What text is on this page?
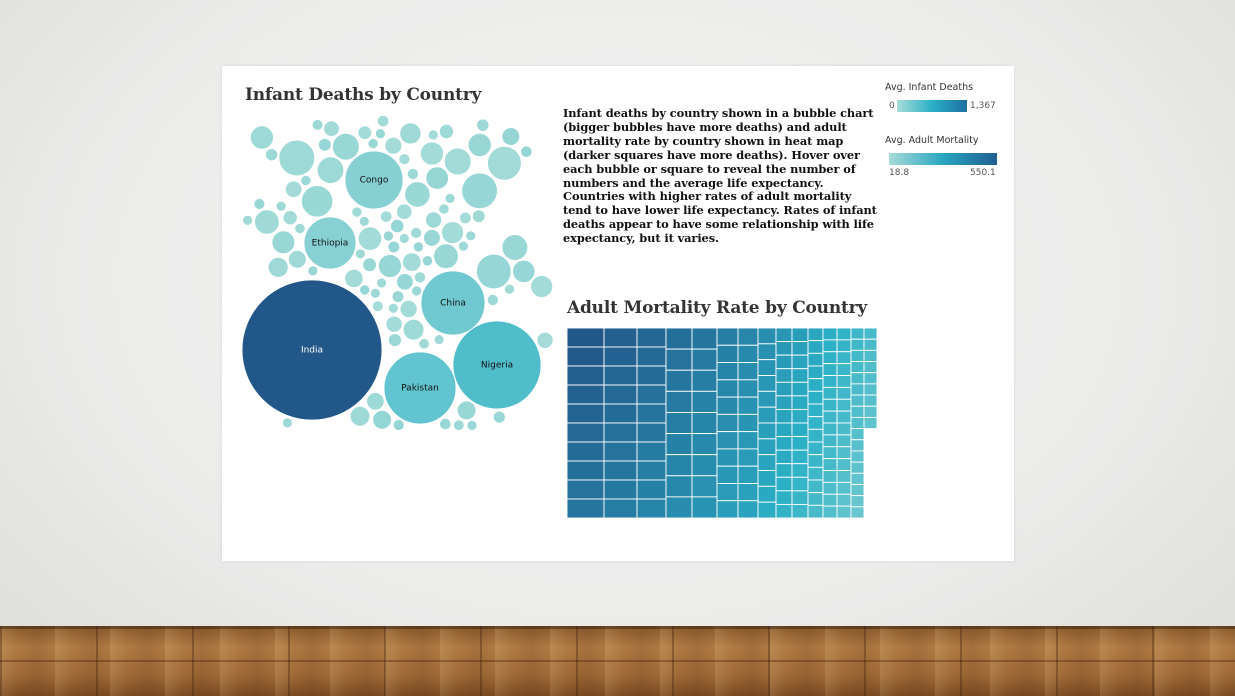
India
Nigeria
Pakistan
China
Congo
Ethiopia
Infant Deaths by Country

Infant deaths by country shown in a bubble chart (bigger bubbles have more deaths) and adult mortality rate by country shown in heat map (darker squares have more deaths). Hover over each bubble or square to reveal the number of numbers and the average life expectancy. Countries with higher rates of adult mortality tend to have lower life expectancy. Rates of infant deaths appear to have some relationship with life expectancy, but it varies.

Adult Mortality Rate by Country
Avg. Infant Deaths
0	1,367
Avg. Adult Mortality
18.8	550.1
